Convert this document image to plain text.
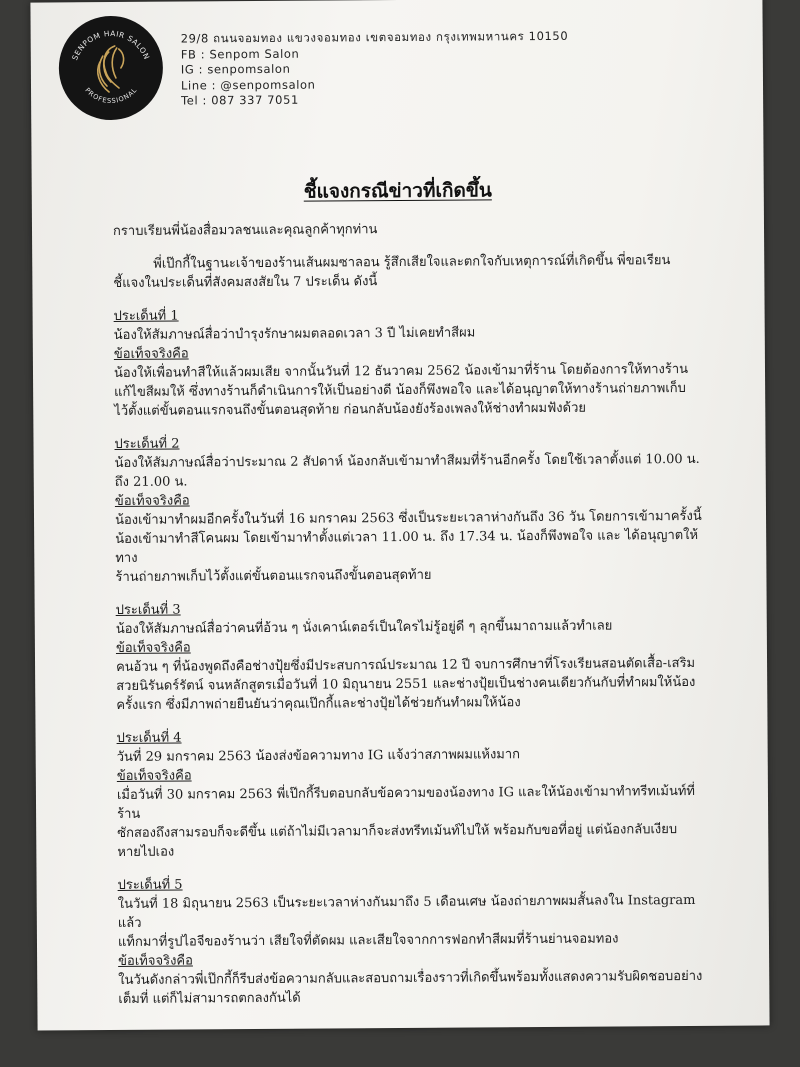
SENPOM HAIR SALON
PROFESSIONAL
29/8 ถนนจอมทอง แขวงจอมทอง เขตจอมทอง กรุงเทพมหานคร 10150
FB : Senpom Salon
IG : senpomsalon
Line : @senpomsalon
Tel : 087 337 7051
ชี้แจงกรณีข่าวที่เกิดขึ้น

กราบเรียนพี่น้องสื่อมวลชนและคุณลูกค้าทุกท่าน

พี่เป๊กกี้ในฐานะเจ้าของร้านเส้นผมซาลอน รู้สึกเสียใจและตกใจกับเหตุการณ์ที่เกิดขึ้น พี่ขอเรียน

ชี้แจงในประเด็นที่สังคมสงสัยใน 7 ประเด็น ดังนี้

ประเด็นที่ 1

น้องให้สัมภาษณ์สื่อว่าบำรุงรักษาผมตลอดเวลา 3 ปี ไม่เคยทำสีผม

ข้อเท็จจริงคือ

น้องให้เพื่อนทำสีให้แล้วผมเสีย จากนั้นวันที่ 12 ธันวาคม 2562 น้องเข้ามาที่ร้าน โดยต้องการให้ทางร้าน

แก้ไขสีผมให้ ซึ่งทางร้านก็ดำเนินการให้เป็นอย่างดี น้องก็พึงพอใจ และได้อนุญาตให้ทางร้านถ่ายภาพเก็บ

ไว้ตั้งแต่ขั้นตอนแรกจนถึงขั้นตอนสุดท้าย ก่อนกลับน้องยังร้องเพลงให้ช่างทำผมฟังด้วย

ประเด็นที่ 2

น้องให้สัมภาษณ์สื่อว่าประมาณ 2 สัปดาห์ น้องกลับเข้ามาทำสีผมที่ร้านอีกครั้ง โดยใช้เวลาตั้งแต่ 10.00 น.

ถึง 21.00 น.

ข้อเท็จจริงคือ

น้องเข้ามาทำผมอีกครั้งในวันที่ 16 มกราคม 2563 ซึ่งเป็นระยะเวลาห่างกันถึง 36 วัน โดยการเข้ามาครั้งนี้

น้องเข้ามาทำสีโคนผม โดยเข้ามาทำตั้งแต่เวลา 11.00 น. ถึง 17.34 น. น้องก็พึงพอใจ และ ได้อนุญาตให้ทาง

ร้านถ่ายภาพเก็บไว้ตั้งแต่ขั้นตอนแรกจนถึงขั้นตอนสุดท้าย

ประเด็นที่ 3

น้องให้สัมภาษณ์สื่อว่าคนที่อ้วน ๆ นั่งเคาน์เตอร์เป็นใครไม่รู้อยู่ดี ๆ ลุกขึ้นมาถามแล้วทำเลย

ข้อเท็จจริงคือ

คนอ้วน ๆ ที่น้องพูดถึงคือช่างปุ้ยซึ่งมีประสบการณ์ประมาณ 12 ปี จบการศึกษาที่โรงเรียนสอนตัดเสื้อ-เสริม

สวยนิรันดร์รัตน์ จนหลักสูตรเมื่อวันที่ 10 มิถุนายน 2551 และช่างปุ้ยเป็นช่างคนเดียวกันกับที่ทำผมให้น้อง

ครั้งแรก ซึ่งมีภาพถ่ายยืนยันว่าคุณเป๊กกี้และช่างปุ้ยได้ช่วยกันทำผมให้น้อง

ประเด็นที่ 4

วันที่ 29 มกราคม 2563 น้องส่งข้อความทาง IG แจ้งว่าสภาพผมแห้งมาก

ข้อเท็จจริงคือ

เมื่อวันที่ 30 มกราคม 2563 พี่เป๊กกี้รีบตอบกลับข้อความของน้องทาง IG และให้น้องเข้ามาทำทรีทเม้นท์ที่ร้าน

ซักสองถึงสามรอบก็จะดีขึ้น แต่ถ้าไม่มีเวลามาก็จะส่งทรีทเม้นท์ไปให้ พร้อมกับขอที่อยู่ แต่น้องกลับเงียบ

หายไปเอง

ประเด็นที่ 5

ในวันที่ 18 มิถุนายน 2563 เป็นระยะเวลาห่างกันมาถึง 5 เดือนเศษ น้องถ่ายภาพผมสั้นลงใน Instagram แล้ว

แท็กมาที่รูปไอจีของร้านว่า เสียใจที่ตัดผม และเสียใจจากการฟอกทำสีผมที่ร้านย่านจอมทอง

ข้อเท็จจริงคือ

ในวันดังกล่าวพี่เป๊กกี้ก็รีบส่งข้อความกลับและสอบถามเรื่องราวที่เกิดขึ้นพร้อมทั้งแสดงความรับผิดชอบอย่าง

เต็มที่ แต่ก็ไม่สามารถตกลงกันได้
